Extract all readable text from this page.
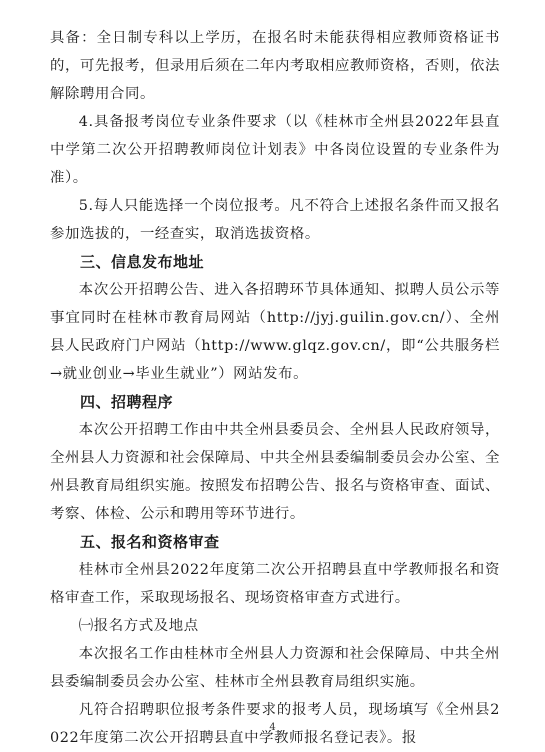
具备：全日制专科以上学历，在报名时未能获得相应教师资格证书的，可先报考，但录用后须在二年内考取相应教师资格，否则，依法解除聘用合同。

4.具备报考岗位专业条件要求（以《桂林市全州县2022年县直中学第二次公开招聘教师岗位计划表》中各岗位设置的专业条件为准）。

5.每人只能选择一个岗位报考。凡不符合上述报名条件而又报名参加选拔的，一经查实，取消选拔资格。

三、信息发布地址

本次公开招聘公告、进入各招聘环节具体通知、拟聘人员公示等事宜同时在桂林市教育局网站（http://jyj.guilin.gov.cn/）、全州县人民政府门户网站（http://www.glqz.gov.cn/，即“公共服务栏→就业创业→毕业生就业”）网站发布。

四、招聘程序

本次公开招聘工作由中共全州县委员会、全州县人民政府领导，全州县人力资源和社会保障局、中共全州县委编制委员会办公室、全州县教育局组织实施。按照发布招聘公告、报名与资格审查、面试、考察、体检、公示和聘用等环节进行。

五、报名和资格审查

桂林市全州县2022年度第二次公开招聘县直中学教师报名和资格审查工作，采取现场报名、现场资格审查方式进行。

㈠报名方式及地点

本次报名工作由桂林市全州县人力资源和社会保障局、中共全州县委编制委员会办公室、桂林市全州县教育局组织实施。

凡符合招聘职位报考条件要求的报考人员，现场填写《全州县2022年度第二次公开招聘县直中学教师报名登记表》。报

4
